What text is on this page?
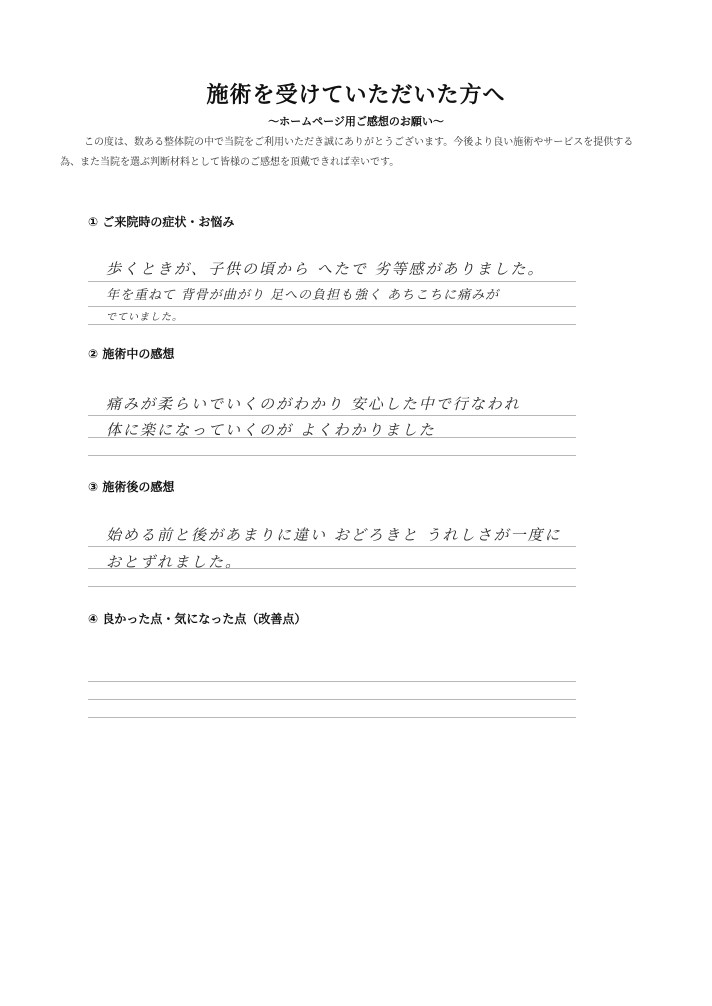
施術を受けていただいた方へ
～ホームページ用ご感想のお願い～
この度は、数ある整体院の中で当院をご利用いただき誠にありがとうございます。今後より良い施術やサービスを提供する為、また当院を選ぶ判断材料として皆様のご感想を頂戴できれば幸いです。
① ご来院時の症状・お悩み
歩くときが、子供の頃から へたで 劣等感がありました。
年を重ねて 背骨が曲がり 足への負担も強く あちこちに痛みが
でていました。
② 施術中の感想
痛みが柔らいでいくのがわかり 安心した中で行なわれ
体に楽になっていくのが よくわかりました
③ 施術後の感想
始める前と後があまりに違い おどろきと うれしさが一度に
おとずれました。
④ 良かった点・気になった点（改善点）
